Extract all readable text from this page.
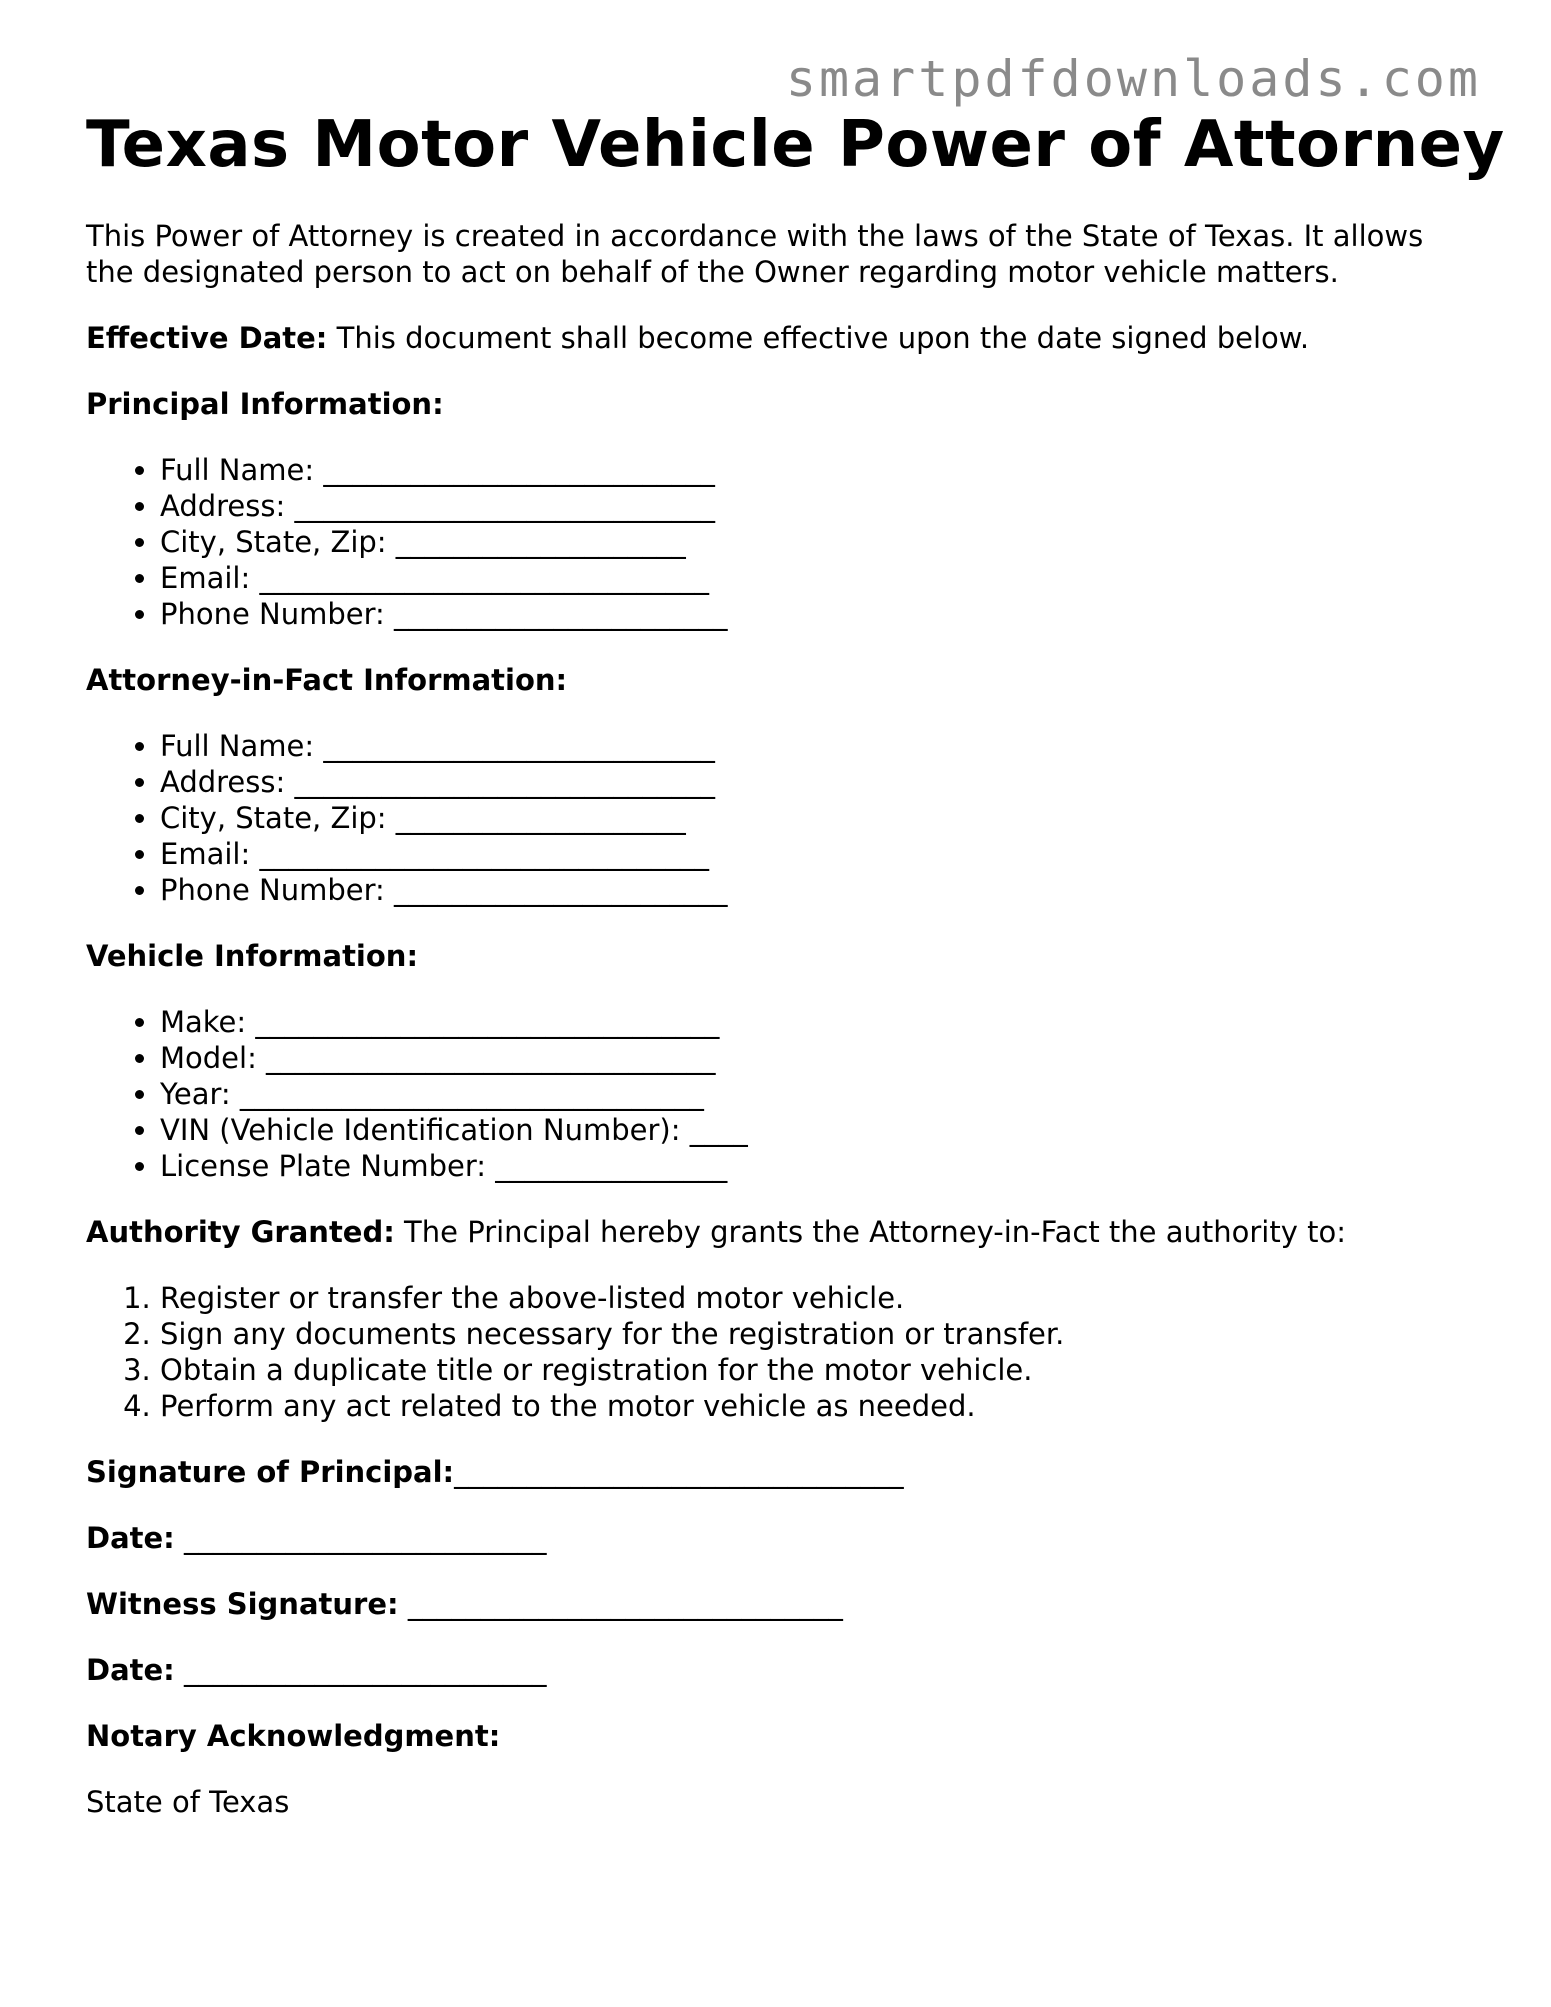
smartpdfdownloads.com
Texas Motor Vehicle Power of Attorney

This Power of Attorney is created in accordance with the laws of the State of Texas. It allows the designated person to act on behalf of the Owner regarding motor vehicle matters.

Effective Date: This document shall become effective upon the date signed below.

Principal Information:

• Full Name: ___________________________
• Address: _____________________________
• City, State, Zip: ____________________
• Email: _______________________________
• Phone Number: _______________________

Attorney-in-Fact Information:

• Full Name: ___________________________
• Address: _____________________________
• City, State, Zip: ____________________
• Email: _______________________________
• Phone Number: _______________________

Vehicle Information:

• Make: ________________________________
• Model: _______________________________
• Year: ________________________________
• VIN (Vehicle Identification Number): ____
• License Plate Number: ________________

Authority Granted: The Principal hereby grants the Attorney-in-Fact the authority to:

1. Register or transfer the above-listed motor vehicle.
2. Sign any documents necessary for the registration or transfer.
3. Obtain a duplicate title or registration for the motor vehicle.
4. Perform any act related to the motor vehicle as needed.
Signature of Principal:_______________________________
Date: _________________________
Witness Signature: ______________________________
Date: _________________________

Notary Acknowledgment:

State of Texas
